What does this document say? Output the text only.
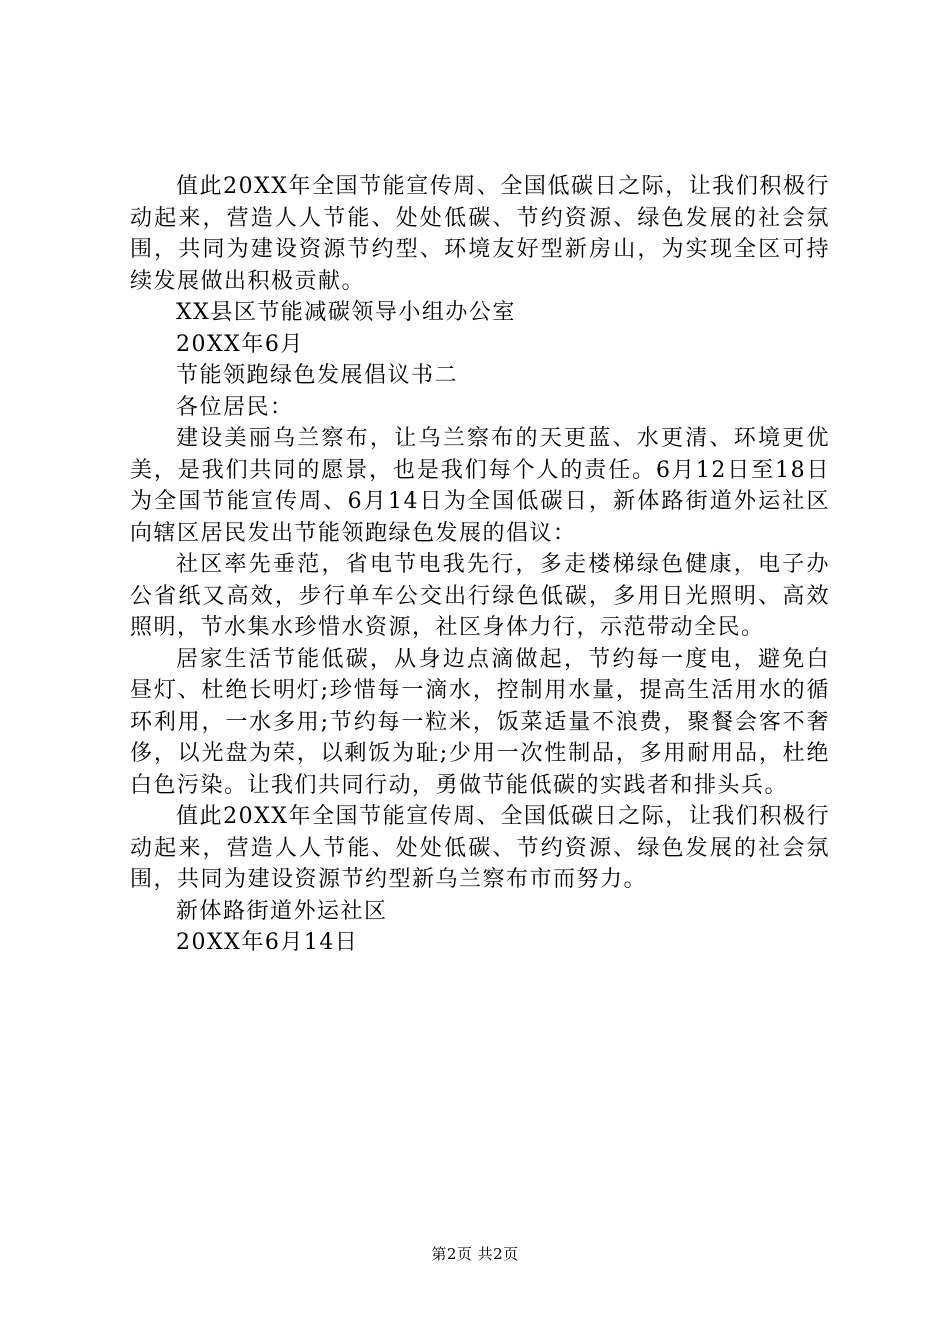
值此20XX年全国节能宣传周、全国低碳日之际，让我们积极行动起来，营造人人节能、处处低碳、节约资源、绿色发展的社会氛围，共同为建设资源节约型、环境友好型新房山，为实现全区可持续发展做出积极贡献。

XX县区节能减碳领导小组办公室

20XX年6月

节能领跑绿色发展倡议书二

各位居民：

建设美丽乌兰察布，让乌兰察布的天更蓝、水更清、环境更优美，是我们共同的愿景，也是我们每个人的责任。6月12日至18日为全国节能宣传周、6月14日为全国低碳日，新体路街道外运社区向辖区居民发出节能领跑绿色发展的倡议：

社区率先垂范，省电节电我先行，多走楼梯绿色健康，电子办公省纸又高效，步行单车公交出行绿色低碳，多用日光照明、高效照明，节水集水珍惜水资源，社区身体力行，示范带动全民。

居家生活节能低碳，从身边点滴做起，节约每一度电，避免白昼灯、杜绝长明灯;珍惜每一滴水，控制用水量，提高生活用水的循环利用，一水多用;节约每一粒米，饭菜适量不浪费，聚餐会客不奢侈，以光盘为荣，以剩饭为耻;少用一次性制品，多用耐用品，杜绝白色污染。让我们共同行动，勇做节能低碳的实践者和排头兵。

值此20XX年全国节能宣传周、全国低碳日之际，让我们积极行动起来，营造人人节能、处处低碳、节约资源、绿色发展的社会氛围，共同为建设资源节约型新乌兰察布市而努力。

新体路街道外运社区

20XX年6月14日

第2页 共2页
